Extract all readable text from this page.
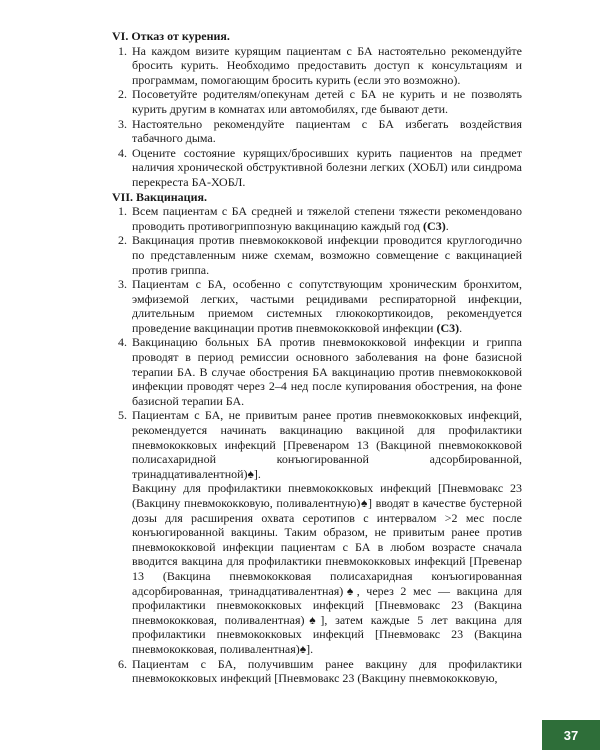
VI. Отказ от курения.

1. На каждом визите курящим пациентам с БА настоятельно рекомендуйте бросить курить. Необходимо предоставить доступ к консультациям и программам, помогающим бросить курить (если это возможно).

2. Посоветуйте родителям/опекунам детей с БА не курить и не позволять курить другим в комнатах или автомобилях, где бывают дети.

3. Настоятельно рекомендуйте пациентам с БА избегать воздействия табачного дыма.

4. Оцените состояние курящих/бросивших курить пациентов на предмет наличия хронической обструктивной болезни легких (ХОБЛ) или синдрома перекреста БА-ХОБЛ.

VII. Вакцинация.

1. Всем пациентам с БА средней и тяжелой степени тяжести рекомендовано проводить противогриппозную вакцинацию каждый год (С3).

2. Вакцинация против пневмококковой инфекции проводится круглогодично по представленным ниже схемам, возможно совмещение с вакцинацией против гриппа.

3. Пациентам с БА, особенно с сопутствующим хроническим бронхитом, эмфиземой легких, частыми рецидивами респираторной инфекции, длительным приемом системных глюкокортикоидов, рекомендуется проведение вакцинации против пневмококковой инфекции (С3).

4. Вакцинацию больных БА против пневмококковой инфекции и гриппа проводят в период ремиссии основного заболевания на фоне базисной терапии БА. В случае обострения БА вакцинацию против пневмококковой инфекции проводят через 2–4 нед после купирования обострения, на фоне базисной терапии БА.

5. Пациентам с БА, не привитым ранее против пневмококковых инфекций, рекомендуется начинать вакцинацию вакциной для профилактики пневмококковых инфекций [Превенаром 13 (Вакциной пневмококковой полисахаридной конъюгированной адсорбированной, тринадцативалентной)♠].

Вакцину для профилактики пневмококковых инфекций [Пневмовакс 23 (Вакцину пневмококковую, поливалентную)♠] вводят в качестве бустерной дозы для расширения охвата серотипов с интервалом >2 мес после конъюгированной вакцины. Таким образом, не привитым ранее против пневмококковой инфекции пациентам с БА в любом возрасте сначала вводится вакцина для профилактики пневмококковых инфекций [Превенар 13 (Вакцина пневмококковая полисахаридная конъюгированная адсорбированная, тринадцативалентная)♠, через 2 мес — вакцина для профилактики пневмококковых инфекций [Пневмовакс 23 (Вакцина пневмококковая, поливалентная)♠], затем каждые 5 лет вакцина для профилактики пневмококковых инфекций [Пневмовакс 23 (Вакцина пневмококковая, поливалентная)♠].

6. Пациентам с БА, получившим ранее вакцину для профилактики пневмококковых инфекций [Пневмовакс 23 (Вакцину пневмококковую,

37
